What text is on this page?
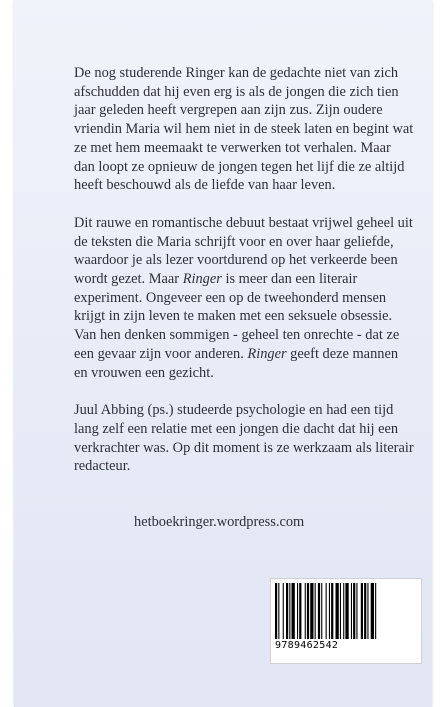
De nog studerende Ringer kan de gedachte niet van zich afschudden dat hij even erg is als de jongen die zich tien jaar geleden heeft vergrepen aan zijn zus. Zijn oudere vriendin Maria wil hem niet in de steek laten en begint wat ze met hem meemaakt te verwerken tot verhalen. Maar dan loopt ze opnieuw de jongen tegen het lijf die ze altijd heeft beschouwd als de liefde van haar leven.

Dit rauwe en romantische debuut bestaat vrijwel geheel uit de teksten die Maria schrijft voor en over haar geliefde, waardoor je als lezer voortdurend op het verkeerde been wordt gezet. Maar Ringer is meer dan een literair experiment. Ongeveer een op de tweehonderd mensen krijgt in zijn leven te maken met een seksuele obsessie. Van hen denken sommigen - geheel ten onrechte - dat ze een gevaar zijn voor anderen. Ringer geeft deze mannen en vrouwen een gezicht.

Juul Abbing (ps.) studeerde psychologie en had een tijd lang zelf een relatie met een jongen die dacht dat hij een verkrachter was. Op dit moment is ze werkzaam als literair redacteur.

hetboekringer.wordpress.com
9789462542
